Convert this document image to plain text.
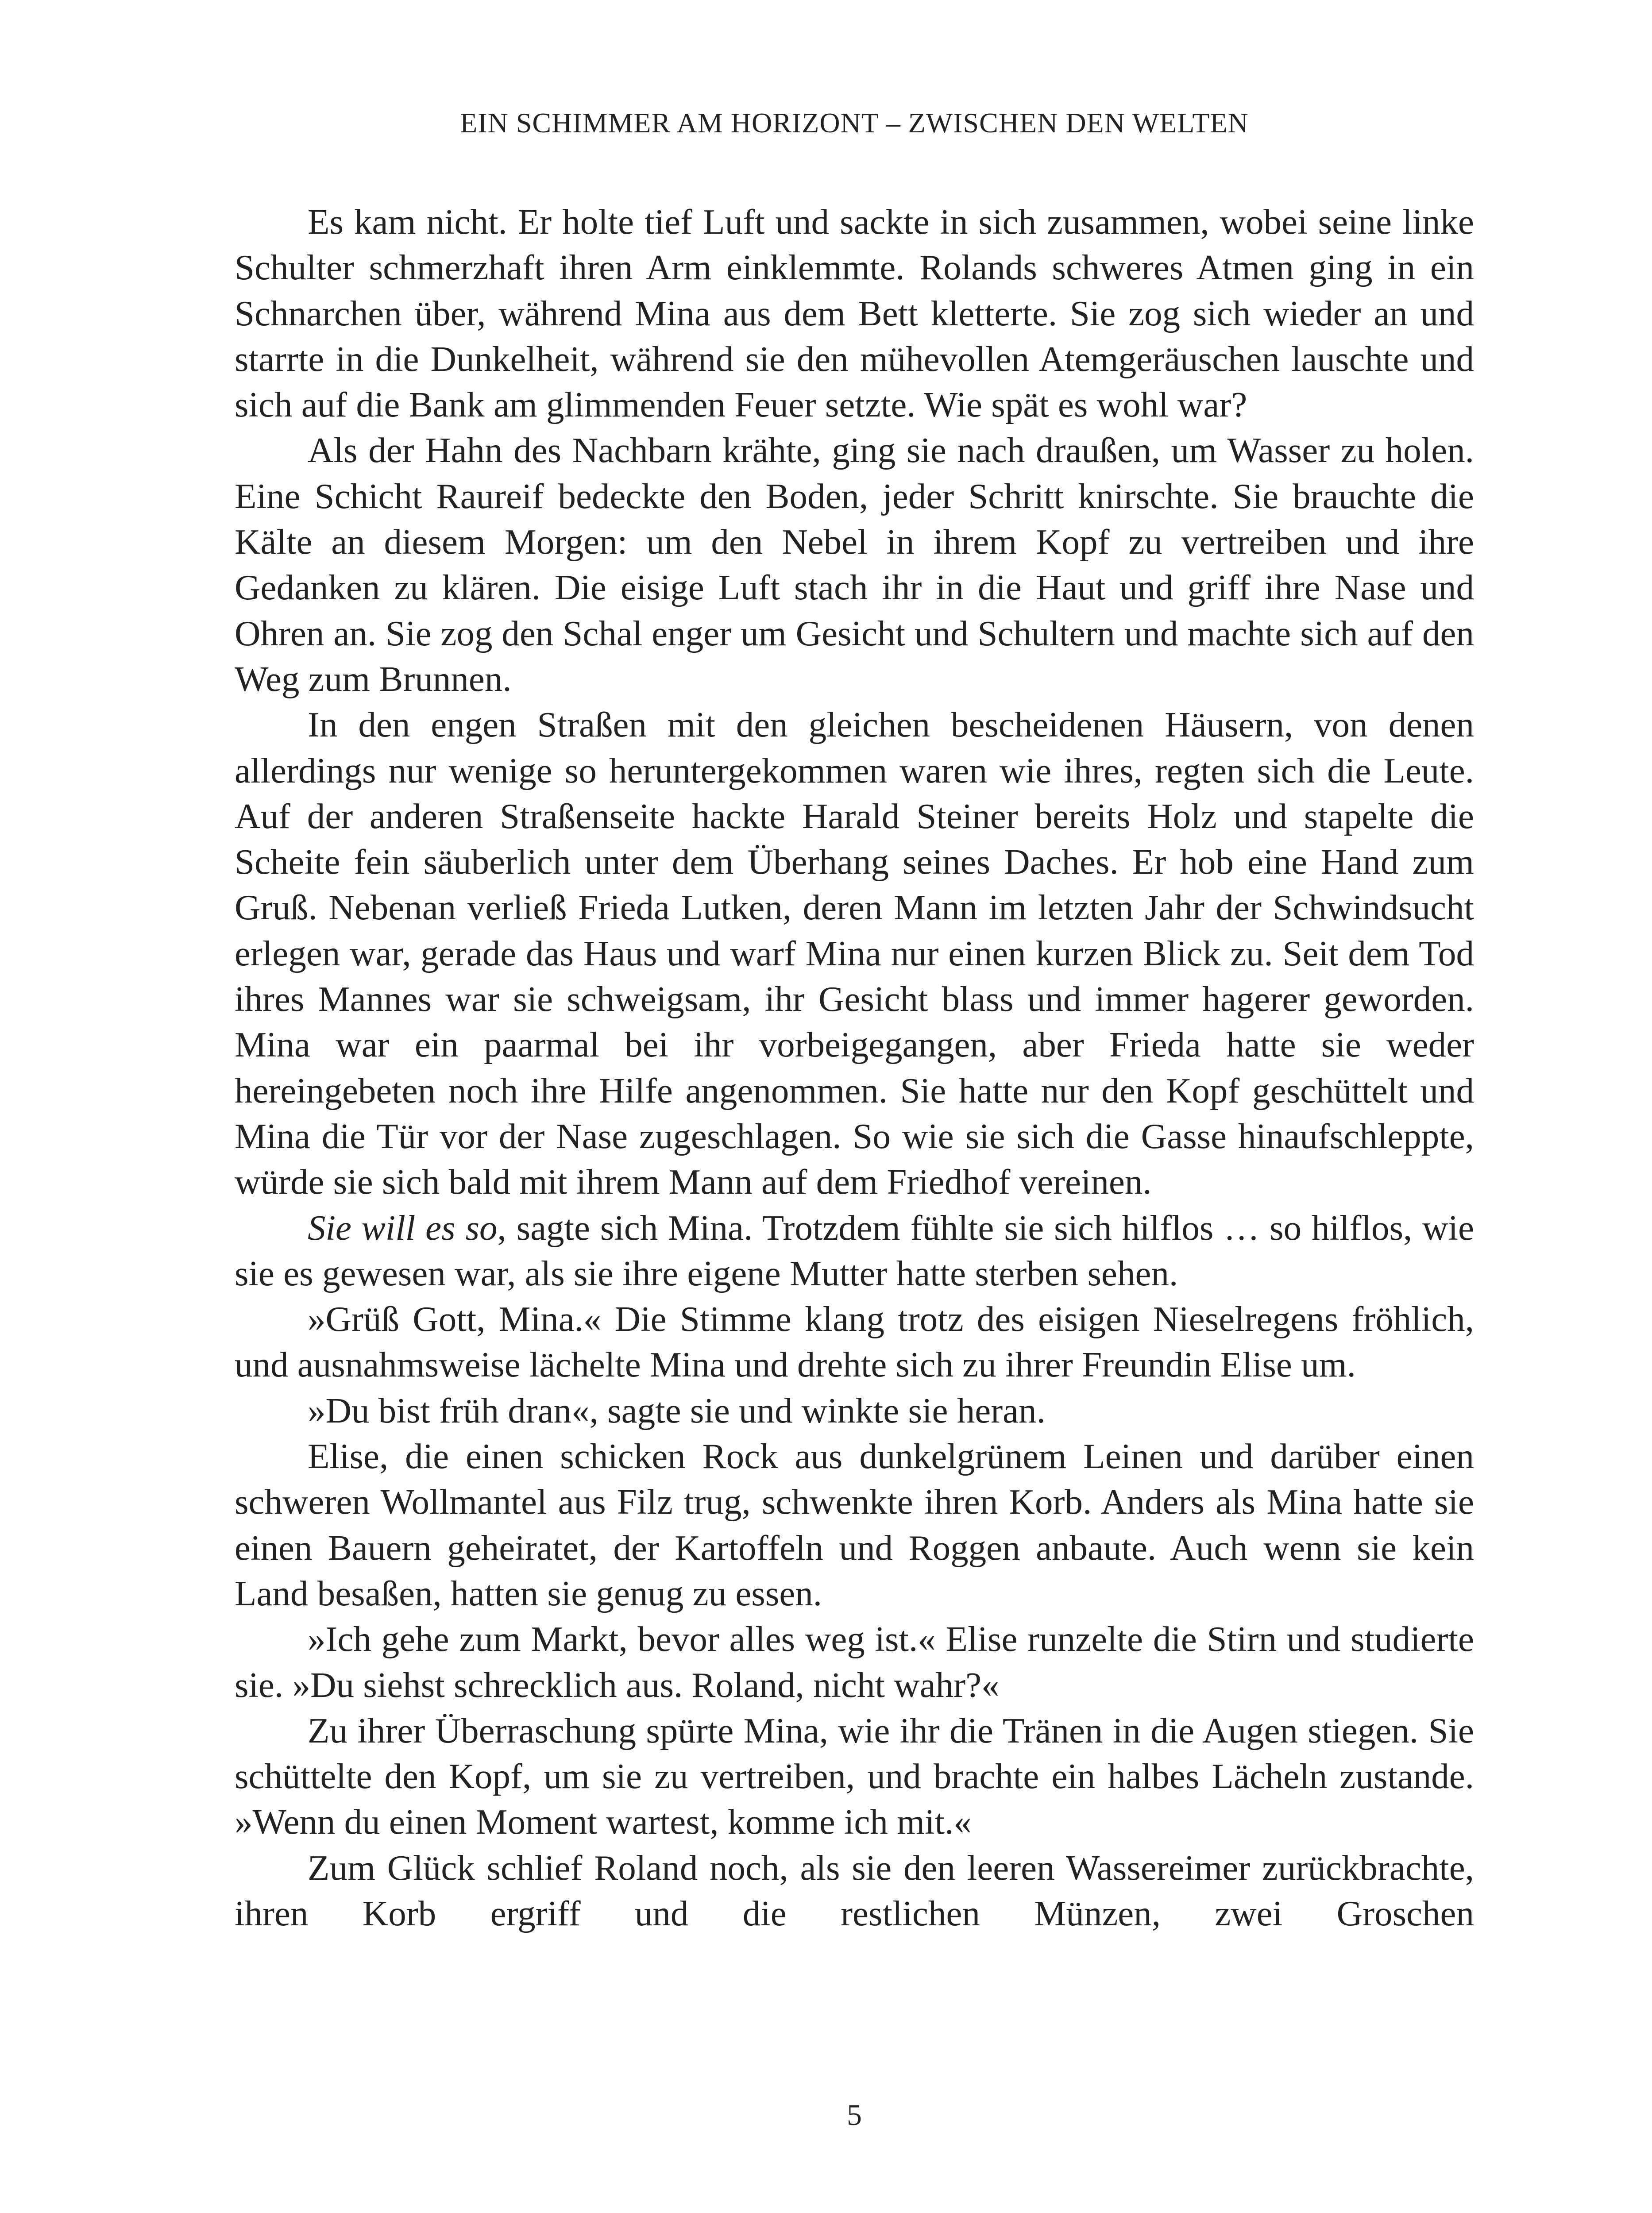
EIN SCHIMMER AM HORIZONT – ZWISCHEN DEN WELTEN

Es kam nicht. Er holte tief Luft und sackte in sich zusammen, wobei seine linke Schulter schmerzhaft ihren Arm einklemmte. Rolands schweres Atmen ging in ein Schnarchen über, während Mina aus dem Bett kletterte. Sie zog sich wieder an und starrte in die Dunkelheit, während sie den mühevollen Atemgeräuschen lauschte und sich auf die Bank am glimmenden Feuer setzte. Wie spät es wohl war?

Als der Hahn des Nachbarn krähte, ging sie nach draußen, um Wasser zu holen. Eine Schicht Raureif bedeckte den Boden, jeder Schritt knirschte. Sie brauchte die Kälte an diesem Morgen: um den Nebel in ihrem Kopf zu vertreiben und ihre Gedanken zu klären. Die eisige Luft stach ihr in die Haut und griff ihre Nase und Ohren an. Sie zog den Schal enger um Gesicht und Schultern und machte sich auf den Weg zum Brunnen.

In den engen Straßen mit den gleichen bescheidenen Häusern, von denen allerdings nur wenige so heruntergekommen waren wie ihres, regten sich die Leute. Auf der anderen Straßenseite hackte Harald Steiner bereits Holz und stapelte die Scheite fein säuberlich unter dem Überhang seines Daches. Er hob eine Hand zum Gruß. Nebenan verließ Frieda Lutken, deren Mann im letzten Jahr der Schwindsucht erlegen war, gerade das Haus und warf Mina nur einen kurzen Blick zu. Seit dem Tod ihres Mannes war sie schweigsam, ihr Gesicht blass und immer hagerer geworden. Mina war ein paarmal bei ihr vorbeigegangen, aber Frieda hatte sie weder hereingebeten noch ihre Hilfe angenommen. Sie hatte nur den Kopf geschüttelt und Mina die Tür vor der Nase zugeschlagen. So wie sie sich die Gasse hinaufschleppte, würde sie sich bald mit ihrem Mann auf dem Friedhof vereinen.

Sie will es so, sagte sich Mina. Trotzdem fühlte sie sich hilflos … so hilflos, wie sie es gewesen war, als sie ihre eigene Mutter hatte sterben sehen.

»Grüß Gott, Mina.« Die Stimme klang trotz des eisigen Nieselregens fröhlich, und ausnahmsweise lächelte Mina und drehte sich zu ihrer Freundin Elise um.

»Du bist früh dran«, sagte sie und winkte sie heran.

Elise, die einen schicken Rock aus dunkelgrünem Leinen und darüber einen schweren Wollmantel aus Filz trug, schwenkte ihren Korb. Anders als Mina hatte sie einen Bauern geheiratet, der Kartoffeln und Roggen anbaute. Auch wenn sie kein Land besaßen, hatten sie genug zu essen.

»Ich gehe zum Markt, bevor alles weg ist.« Elise runzelte die Stirn und studierte sie. »Du siehst schrecklich aus. Roland, nicht wahr?«

Zu ihrer Überraschung spürte Mina, wie ihr die Tränen in die Augen stiegen. Sie schüttelte den Kopf, um sie zu vertreiben, und brachte ein halbes Lächeln zustande. »Wenn du einen Moment wartest, komme ich mit.«

Zum Glück schlief Roland noch, als sie den leeren Wassereimer zurückbrachte, ihren Korb ergriff und die restlichen Münzen, zwei Groschen

5
